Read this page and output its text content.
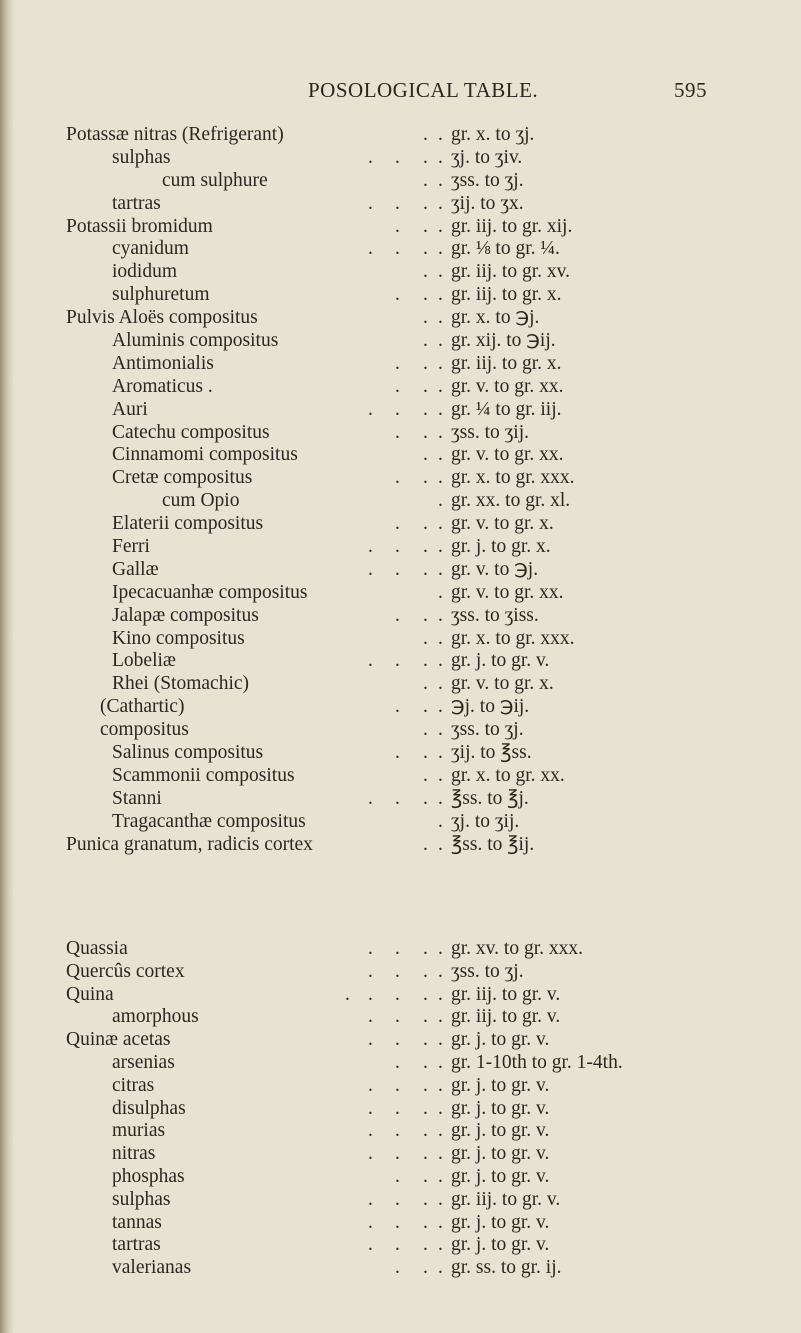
POSOLOGICAL TABLE.	595
Potassæ nitras (Refrigerant)	. . gr. x. to ʒj.
sulphas	. . . . ʒj. to ʒiv.
cum sulphure	. . ʒss. to ʒj.
tartras	. . . . ʒij. to ʒx.
Potassii bromidum	. . . gr. iij. to gr. xij.
cyanidum	. . . . gr. ⅛ to gr. ¼.
iodidum	. . gr. iij. to gr. xv.
sulphuretum	. . . gr. iij. to gr. x.
Pulvis Aloës compositus	. . gr. x. to ℈j.
Aluminis compositus	. . gr. xij. to ℈ij.
Antimonialis	. . . gr. iij. to gr. x.
Aromaticus .	. . . gr. v. to gr. xx.
Auri	. . . . gr. ¼ to gr. iij.
Catechu compositus	. . . ʒss. to ʒij.
Cinnamomi compositus	. . gr. v. to gr. xx.
Cretæ compositus	. . . gr. x. to gr. xxx.
cum Opio	. gr. xx. to gr. xl.
Elaterii compositus	. . . gr. v. to gr. x.
Ferri	. . . . gr. j. to gr. x.
Gallæ	. . . . gr. v. to ℈j.
Ipecacuanhæ compositus	. gr. v. to gr. xx.
Jalapæ compositus	. . . ʒss. to ʒiss.
Kino compositus	. . gr. x. to gr. xxx.
Lobeliæ	. . . . gr. j. to gr. v.
Rhei (Stomachic)	. . gr. v. to gr. x.
(Cathartic)	. . . ℈j. to ℈ij.
compositus	. . ʒss. to ʒj.
Salinus compositus	. . . ʒij. to ℥ss.
Scammonii compositus	. . gr. x. to gr. xx.
Stanni	. . . . ℥ss. to ℥j.
Tragacanthæ compositus	. ʒj. to ʒij.
Punica granatum, radicis cortex	. . ℥ss. to ℥ij.
Quassia	. . . . gr. xv. to gr. xxx.
Quercûs cortex	. . . . ʒss. to ʒj.
Quina	. . . . . gr. iij. to gr. v.
amorphous	. . . . gr. iij. to gr. v.
Quinæ acetas	. . . . gr. j. to gr. v.
arsenias	. . . gr. 1-10th to gr. 1-4th.
citras	. . . . gr. j. to gr. v.
disulphas	. . . . gr. j. to gr. v.
murias	. . . . gr. j. to gr. v.
nitras	. . . . gr. j. to gr. v.
phosphas	. . . gr. j. to gr. v.
sulphas	. . . . gr. iij. to gr. v.
tannas	. . . . gr. j. to gr. v.
tartras	. . . . gr. j. to gr. v.
valerianas	. . . gr. ss. to gr. ij.
